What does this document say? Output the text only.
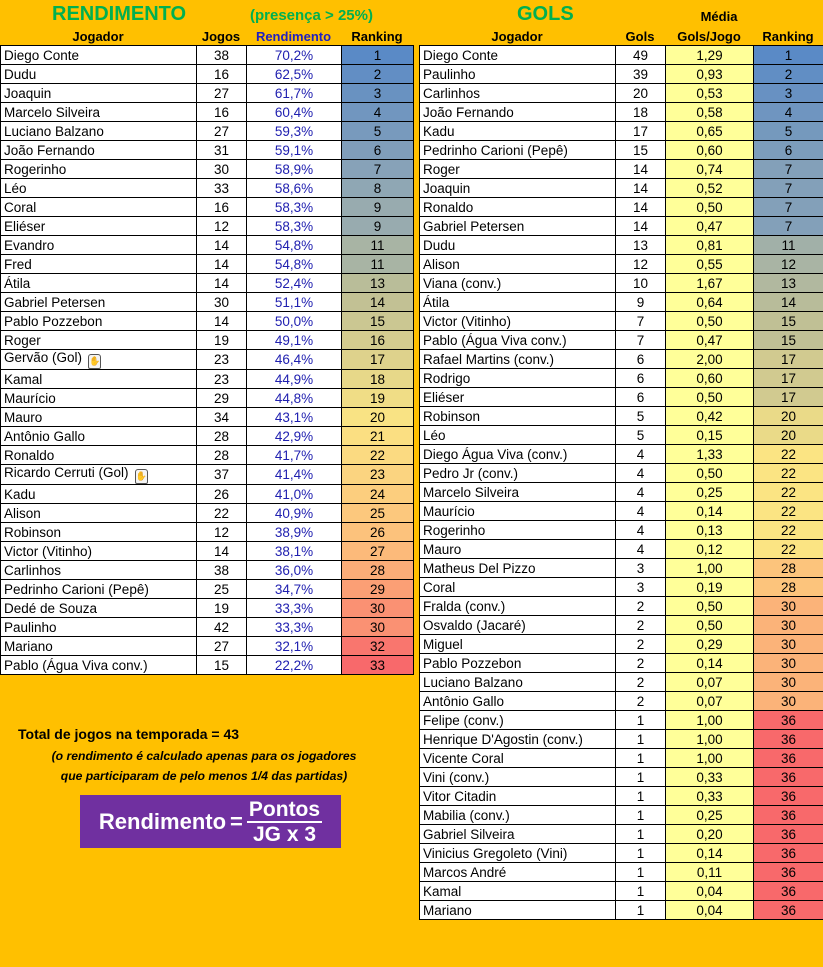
RENDIMENTO	(presença > 25%)
Jogador	Jogos	Rendimento	Ranking
Diego Conte	38	70,2%	1
Dudu	16	62,5%	2
Joaquin	27	61,7%	3
Marcelo Silveira	16	60,4%	4
Luciano Balzano	27	59,3%	5
João Fernando	31	59,1%	6
Rogerinho	30	58,9%	7
Léo	33	58,6%	8
Coral	16	58,3%	9
Eliéser	12	58,3%	9
Evandro	14	54,8%	11
Fred	14	54,8%	11
Átila	14	52,4%	13
Gabriel Petersen	30	51,1%	14
Pablo Pozzebon	14	50,0%	15
Roger	19	49,1%	16
Gervão (Gol) ✋	23	46,4%	17
Kamal	23	44,9%	18
Maurício	29	44,8%	19
Mauro	34	43,1%	20
Antônio Gallo	28	42,9%	21
Ronaldo	28	41,7%	22
Ricardo Cerruti (Gol) ✋	37	41,4%	23
Kadu	26	41,0%	24
Alison	22	40,9%	25
Robinson	12	38,9%	26
Victor (Vitinho)	14	38,1%	27
Carlinhos	38	36,0%	28
Pedrinho Carioni (Pepê)	25	34,7%	29
Dedé de Souza	19	33,3%	30
Paulinho	42	33,3%	30
Mariano	27	32,1%	32
Pablo (Água Viva conv.)	15	22,2%	33
GOLS	Média
Jogador	Gols	Gols/Jogo	Ranking
Diego Conte	49	1,29	1
Paulinho	39	0,93	2
Carlinhos	20	0,53	3
João Fernando	18	0,58	4
Kadu	17	0,65	5
Pedrinho Carioni (Pepê)	15	0,60	6
Roger	14	0,74	7
Joaquin	14	0,52	7
Ronaldo	14	0,50	7
Gabriel Petersen	14	0,47	7
Dudu	13	0,81	11
Alison	12	0,55	12
Viana (conv.)	10	1,67	13
Átila	9	0,64	14
Victor (Vitinho)	7	0,50	15
Pablo (Água Viva conv.)	7	0,47	15
Rafael Martins (conv.)	6	2,00	17
Rodrigo	6	0,60	17
Eliéser	6	0,50	17
Robinson	5	0,42	20
Léo	5	0,15	20
Diego Água Viva (conv.)	4	1,33	22
Pedro Jr (conv.)	4	0,50	22
Marcelo Silveira	4	0,25	22
Maurício	4	0,14	22
Rogerinho	4	0,13	22
Mauro	4	0,12	22
Matheus Del Pizzo	3	1,00	28
Coral	3	0,19	28
Fralda (conv.)	2	0,50	30
Osvaldo (Jacaré)	2	0,50	30
Miguel	2	0,29	30
Pablo Pozzebon	2	0,14	30
Luciano Balzano	2	0,07	30
Antônio Gallo	2	0,07	30
Felipe (conv.)	1	1,00	36
Henrique D'Agostin (conv.)	1	1,00	36
Vicente Coral	1	1,00	36
Vini (conv.)	1	0,33	36
Vitor Citadin	1	0,33	36
Mabilia (conv.)	1	0,25	36
Gabriel Silveira	1	0,20	36
Vinicius Gregoleto (Vini)	1	0,14	36
Marcos André	1	0,11	36
Kamal	1	0,04	36
Mariano	1	0,04	36
Total de jogos na temporada = 43
(o rendimento é calculado apenas para os jogadores
que participaram de pelo menos 1/4 das partidas)
Rendimento = $\frac{\text{Pontos}}{\text{JG x 3}}$
